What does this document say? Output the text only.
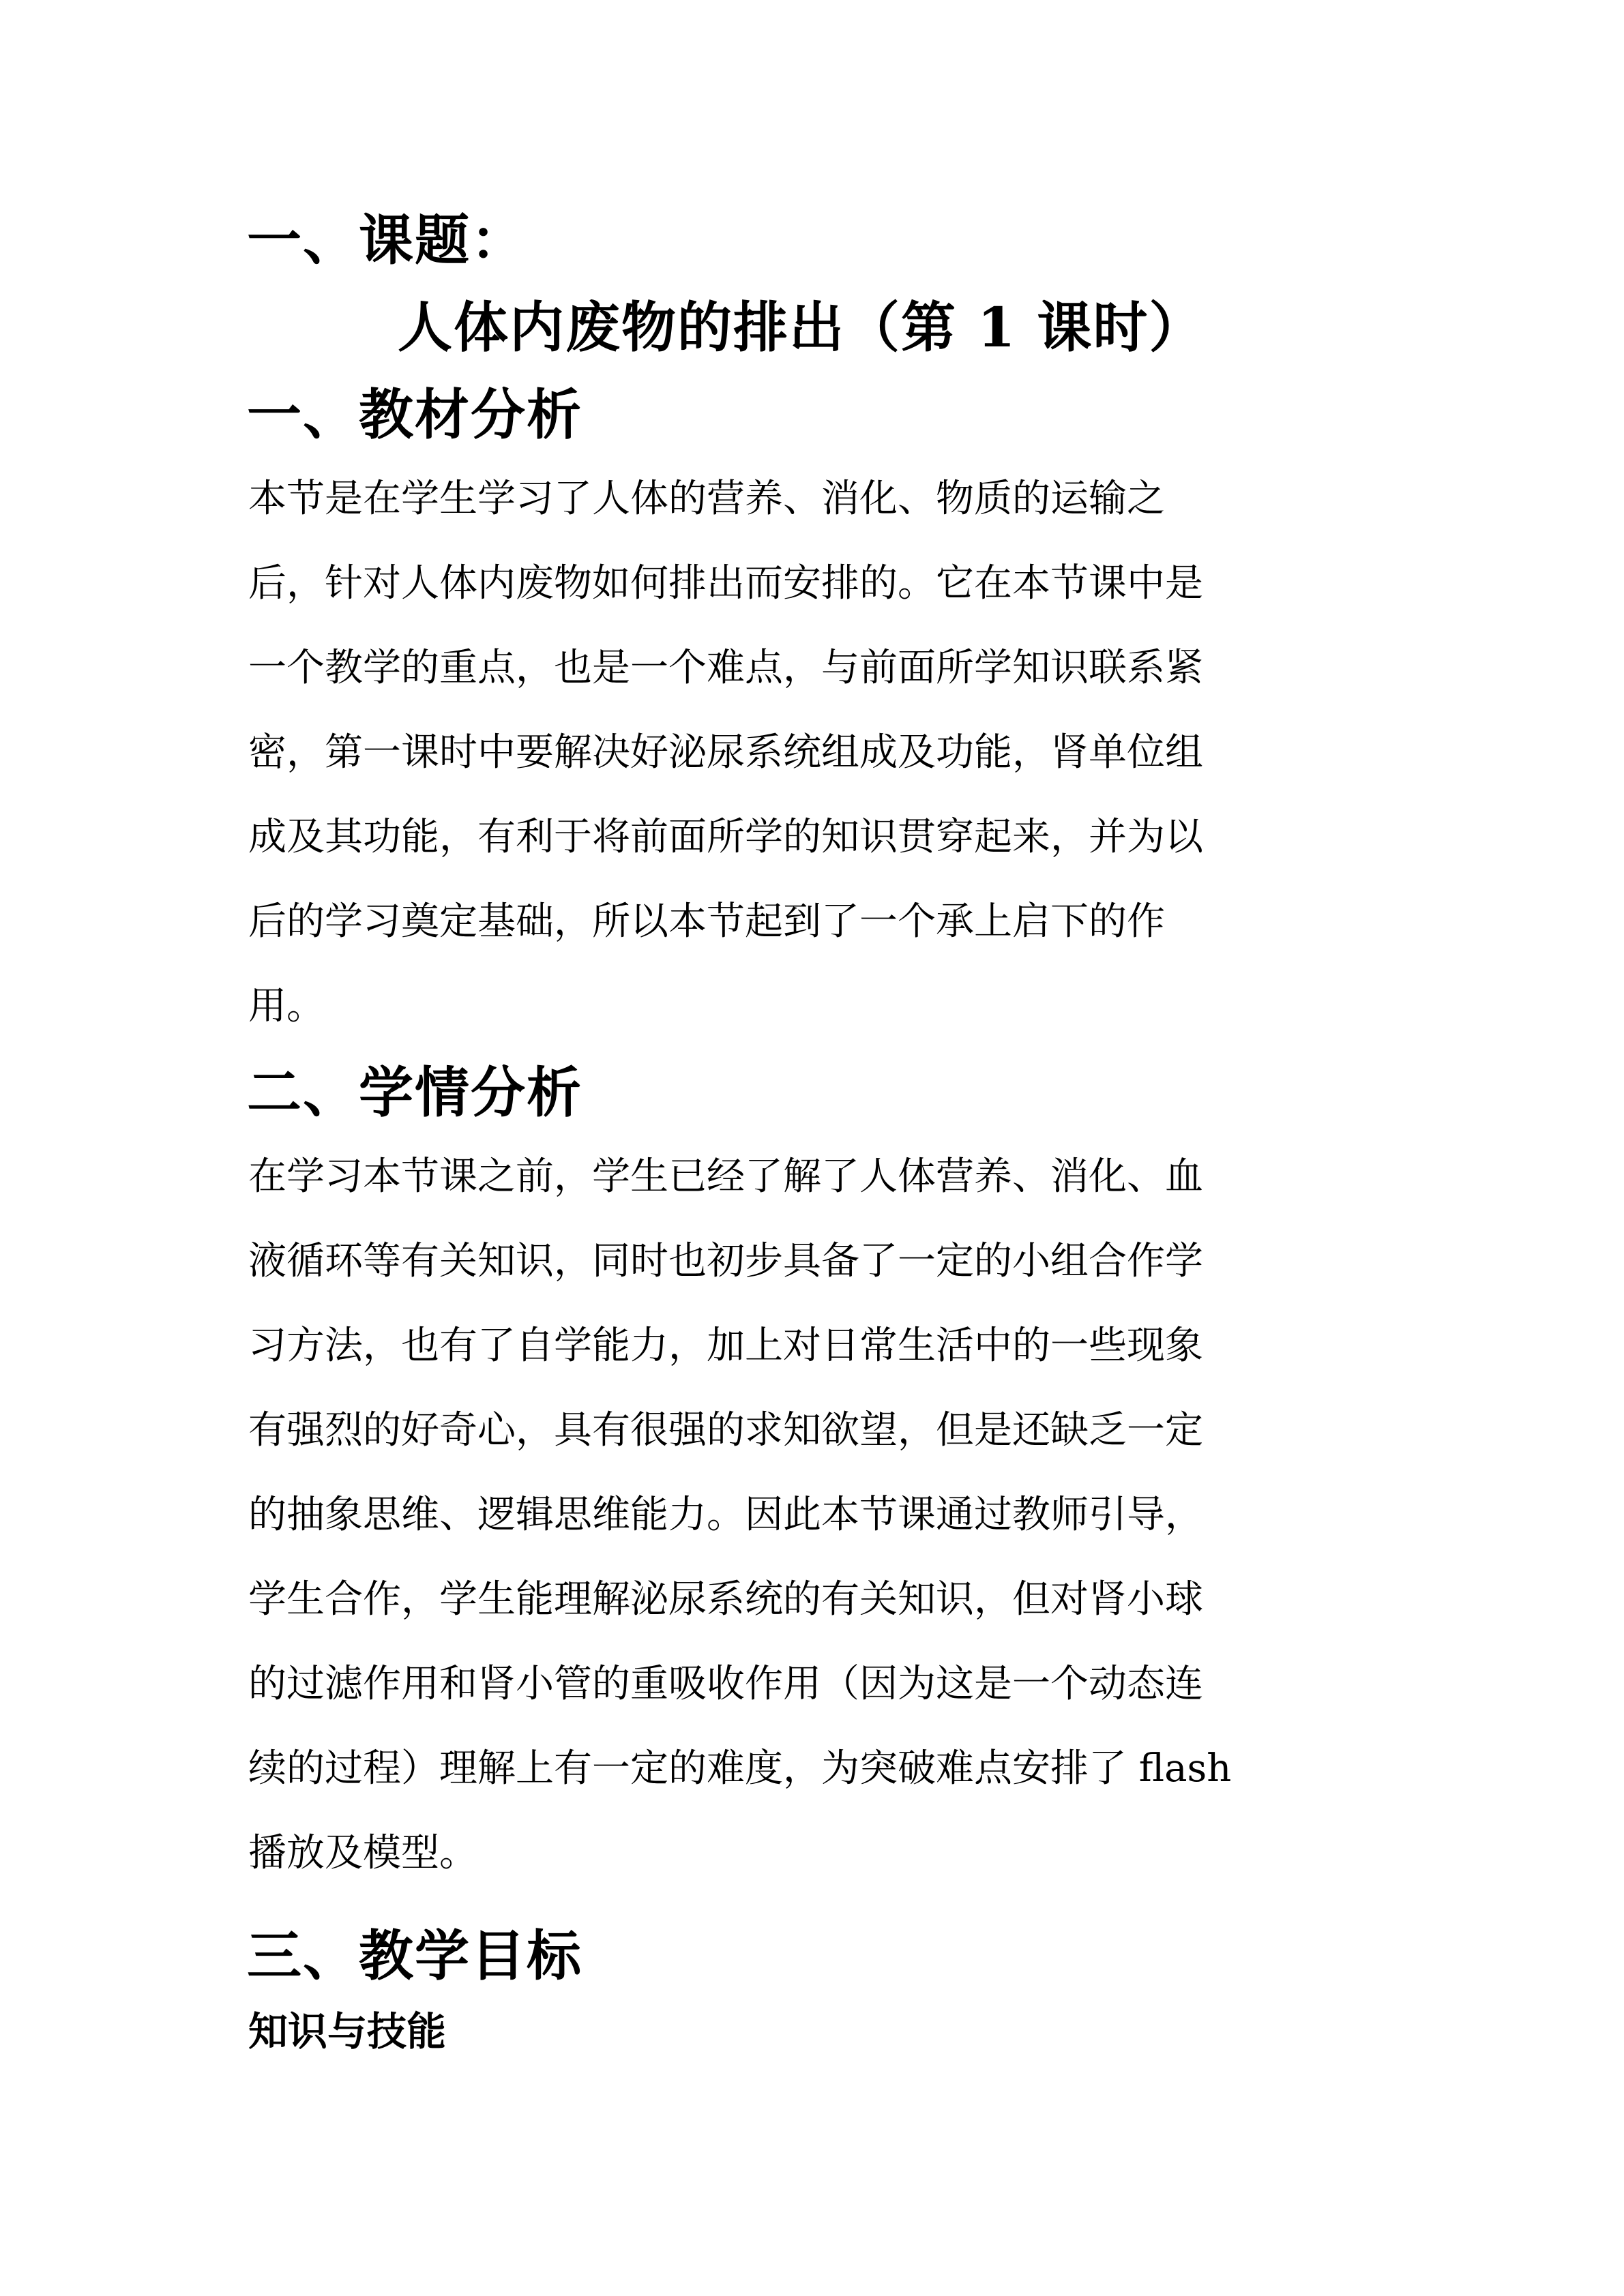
一、课题：
人体内废物的排出（第 1 课时）
一、教材分析
本节是在学生学习了人体的营养、消化、物质的运输之
后，针对人体内废物如何排出而安排的。它在本节课中是
一个教学的重点，也是一个难点，与前面所学知识联系紧
密，第一课时中要解决好泌尿系统组成及功能，肾单位组
成及其功能，有利于将前面所学的知识贯穿起来，并为以
后的学习奠定基础，所以本节起到了一个承上启下的作
用。
二、学情分析
在学习本节课之前，学生已经了解了人体营养、消化、血
液循环等有关知识，同时也初步具备了一定的小组合作学
习方法，也有了自学能力，加上对日常生活中的一些现象
有强烈的好奇心，具有很强的求知欲望，但是还缺乏一定
的抽象思维、逻辑思维能力。因此本节课通过教师引导，
学生合作，学生能理解泌尿系统的有关知识，但对肾小球
的过滤作用和肾小管的重吸收作用（因为这是一个动态连
续的过程）理解上有一定的难度，为突破难点安排了 flash
播放及模型。
三、教学目标
知识与技能
